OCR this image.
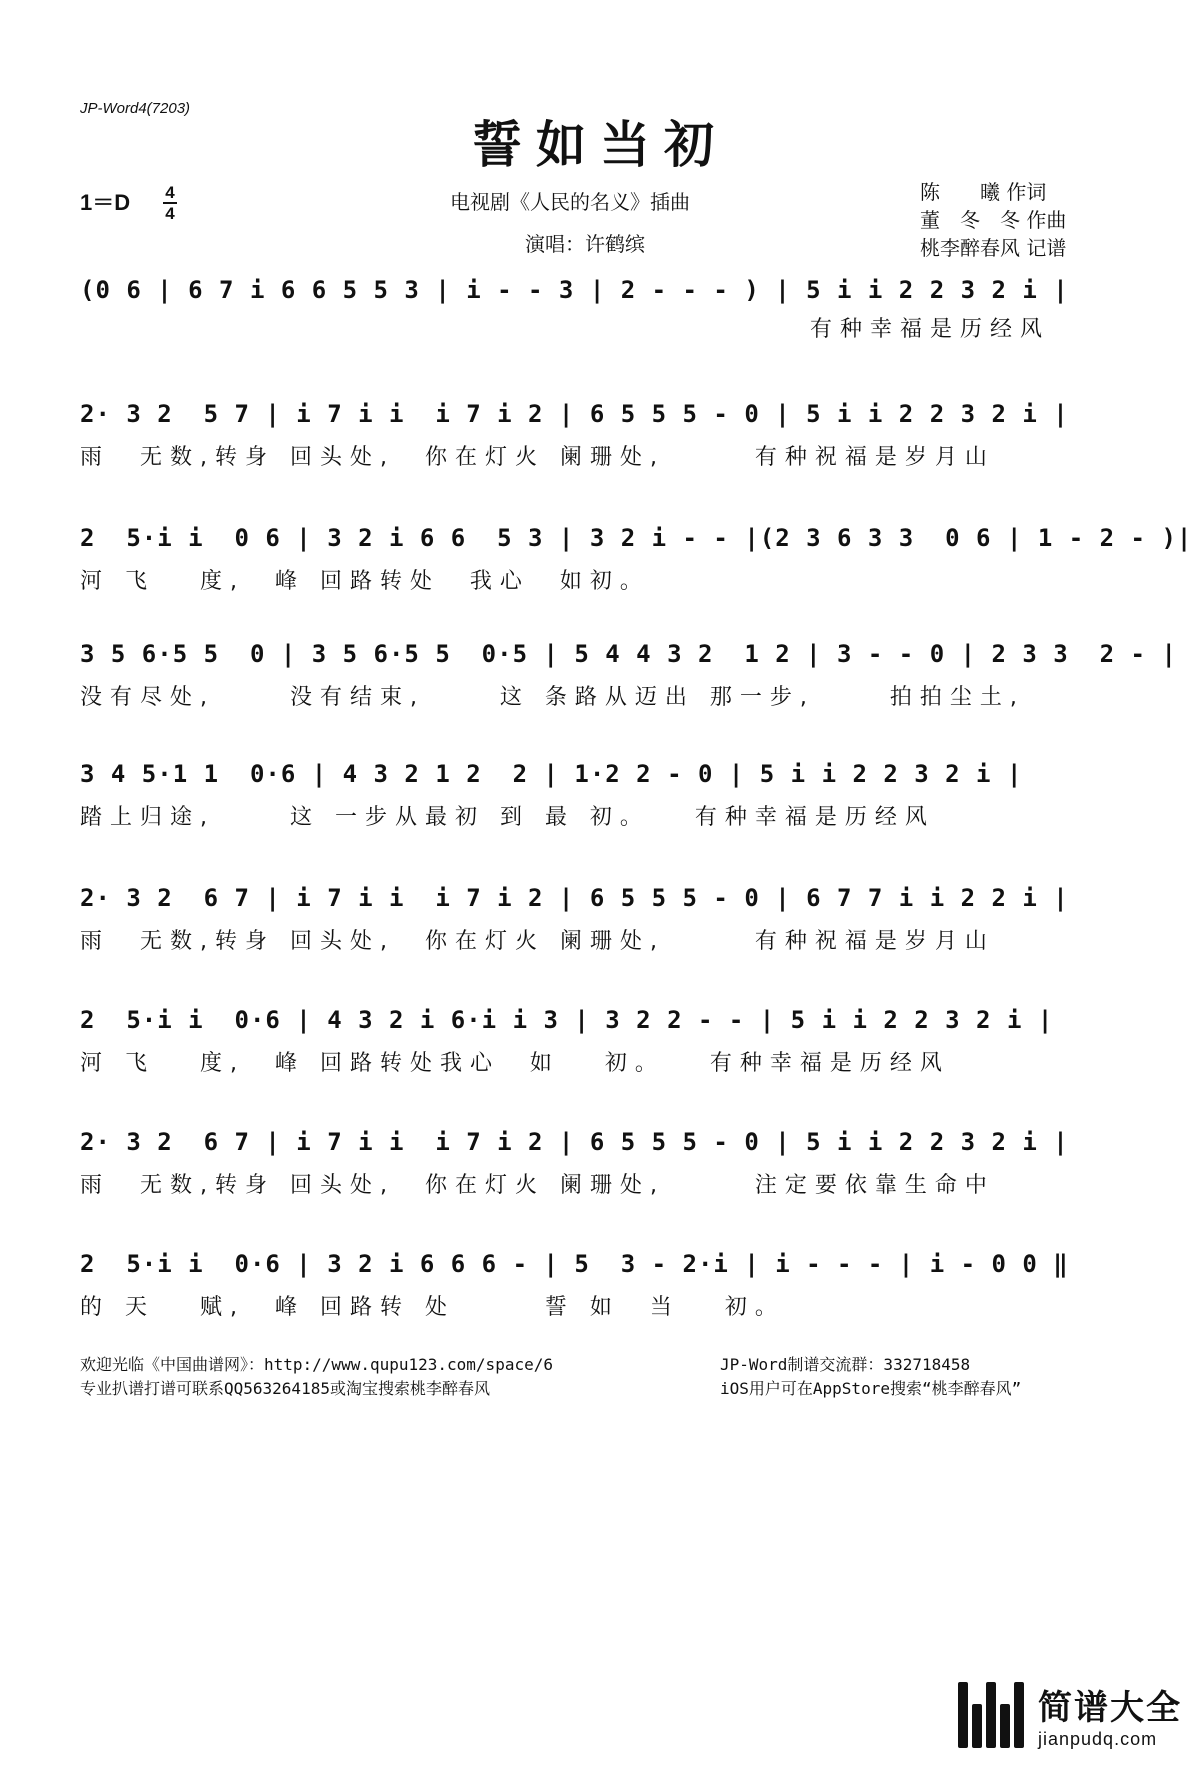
JP-Word4(7203)
誓如当初
1＝D	4
4	电视剧《人民的名义》插曲
演唱：许鹤缤
陈　　曦 作词
董　冬　冬 作曲
桃李醉春风 记谱
(0 6 | 6 7 i 6 6 5 5 3 | i - - 3 | 2 - - - ) | 5 i i 2 2 3 2 i |
有种幸福是历经风
2· 3 2  5 7 | i 7 i i  i 7 i 2 | 6 5 5 5 - 0 | 5 i i 2 2 3 2 i |
雨  无数,转身 回头处,  你在灯火 阑珊处,      有种祝福是岁月山
2  5·i i  0 6 | 3 2 i 6 6  5 3 | 3 2 i - - |(2 3 6 3 3  0 6 | 1 - 2 - )|
河 飞   度,  峰 回路转处  我心  如初。
3 5 6·5 5  0 | 3 5 6·5 5  0·5 | 5 4 4 3 2  1 2 | 3 - - 0 | 2 3 3  2 - |
没有尽处,     没有结束,     这 条路从迈出 那一步,     拍拍尘土,
3 4 5·1 1  0·6 | 4 3 2 1 2  2 | 1·2 2 - 0 | 5 i i 2 2 3 2 i |
踏上归途,     这 一步从最初 到 最 初。   有种幸福是历经风
2· 3 2  6 7 | i 7 i i  i 7 i 2 | 6 5 5 5 - 0 | 6 7 7 i i 2 2 i |
雨  无数,转身 回头处,  你在灯火 阑珊处,      有种祝福是岁月山
2  5·i i  0·6 | 4 3 2 i 6·i i 3 | 3 2 2 - - | 5 i i 2 2 3 2 i |
河 飞   度,  峰 回路转处我心  如   初。   有种幸福是历经风
2· 3 2  6 7 | i 7 i i  i 7 i 2 | 6 5 5 5 - 0 | 5 i i 2 2 3 2 i |
雨  无数,转身 回头处,  你在灯火 阑珊处,      注定要依靠生命中
2  5·i i  0·6 | 3 2 i 6 6 6 - | 5  3 - 2·i | i - - - | i - 0 0 ‖
的 天   赋,  峰 回路转 处      誓 如  当   初。
欢迎光临《中国曲谱网》：http://www.qupu123.com/space/6
专业扒谱打谱可联系QQ563264185或淘宝搜索桃李醉春风
JP-Word制谱交流群：332718458
iOS用户可在AppStore搜索“桃李醉春风”
简谱大全
jianpudq.com
